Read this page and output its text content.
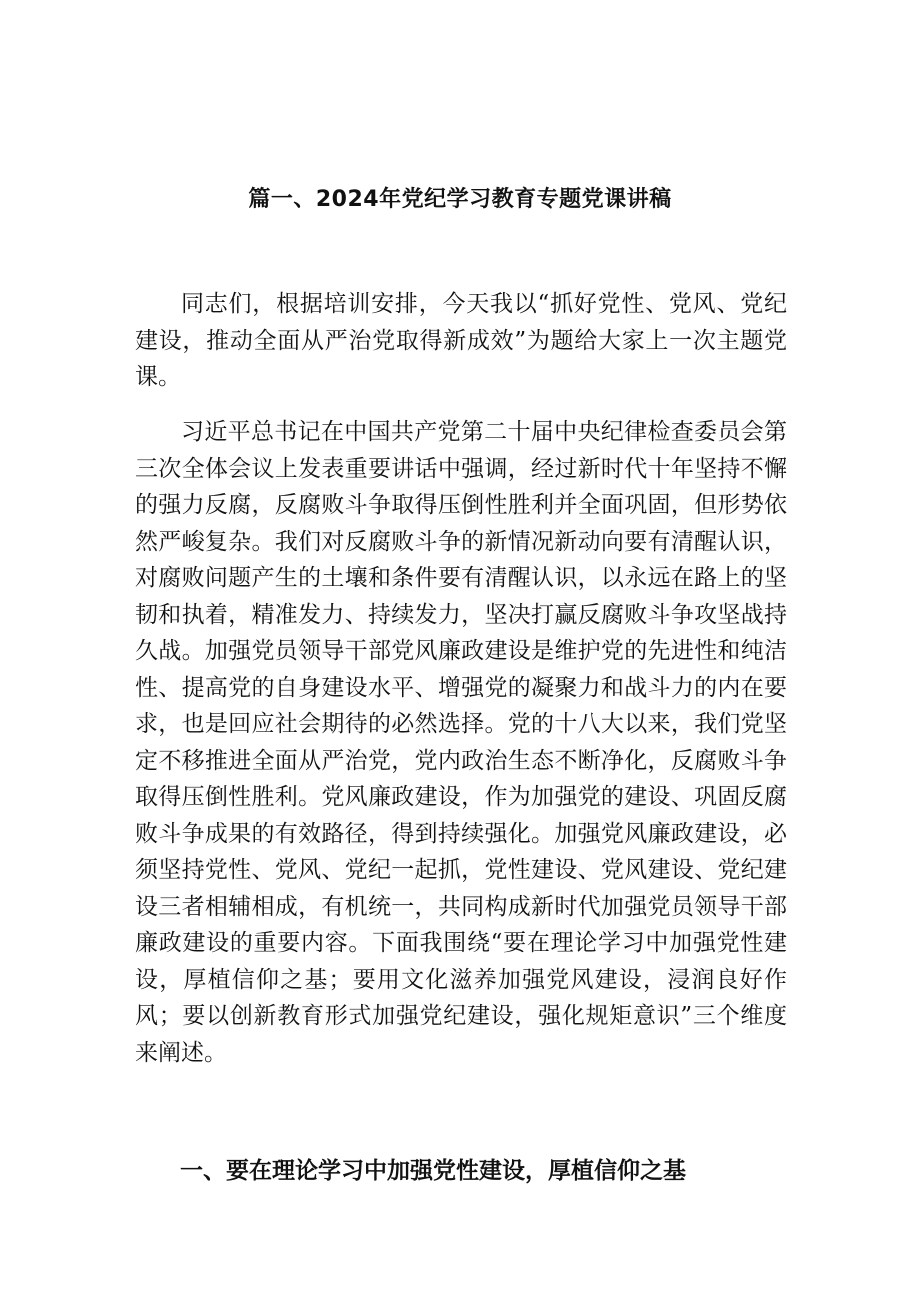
篇一、2024年党纪学习教育专题党课讲稿

同志们，根据培训安排，今天我以“抓好党性、党风、党纪建设，推动全面从严治党取得新成效”为题给大家上一次主题党课。

习近平总书记在中国共产党第二十届中央纪律检查委员会第三次全体会议上发表重要讲话中强调，经过新时代十年坚持不懈的强力反腐，反腐败斗争取得压倒性胜利并全面巩固，但形势依然严峻复杂。我们对反腐败斗争的新情况新动向要有清醒认识，对腐败问题产生的土壤和条件要有清醒认识，以永远在路上的坚韧和执着，精准发力、持续发力，坚决打赢反腐败斗争攻坚战持久战。加强党员领导干部党风廉政建设是维护党的先进性和纯洁性、提高党的自身建设水平、增强党的凝聚力和战斗力的内在要求，也是回应社会期待的必然选择。党的十八大以来，我们党坚定不移推进全面从严治党，党内政治生态不断净化，反腐败斗争取得压倒性胜利。党风廉政建设，作为加强党的建设、巩固反腐败斗争成果的有效路径，得到持续强化。加强党风廉政建设，必须坚持党性、党风、党纪一起抓，党性建设、党风建设、党纪建设三者相辅相成，有机统一，共同构成新时代加强党员领导干部廉政建设的重要内容。下面我围绕“要在理论学习中加强党性建设，厚植信仰之基；要用文化滋养加强党风建设，浸润良好作风；要以创新教育形式加强党纪建设，强化规矩意识”三个维度来阐述。

一、要在理论学习中加强党性建设，厚植信仰之基
